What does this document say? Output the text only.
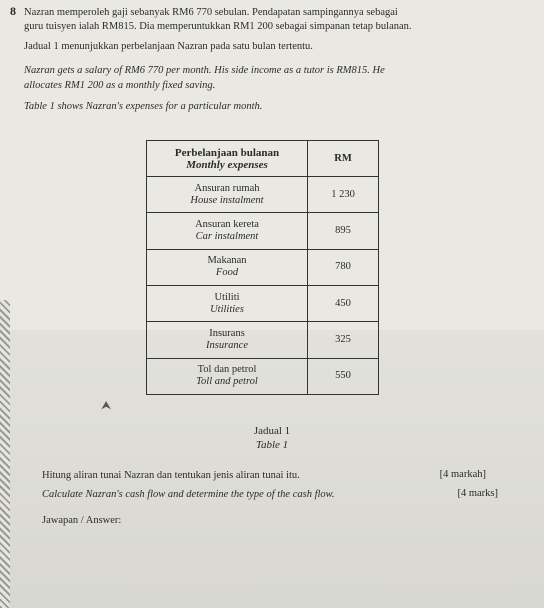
8 Nazran memperoleh gaji sebanyak RM6 770 sebulan. Pendapatan sampingannya sebagai
guru tuisyen ialah RM815. Dia memperuntukkan RM1 200 sebagai simpanan tetap bulanan.
Jadual 1 menunjukkan perbelanjaan Nazran pada satu bulan tertentu.
Nazran gets a salary of RM6 770 per month. His side income as a tutor is RM815. He
allocates RM1 200 as a monthly fixed saving.
Table 1 shows Nazran's expenses for a particular month.
Perbelanjaan bulanan
Monthly expenses	RM

Ansuran rumah
House instalment	1 230

Ansuran kereta
Car instalment	895

Makanan
Food	780

Utiliti
Utilities	450

Insurans
Insurance	325

Tol dan petrol
Toll and petrol	550
⮝
Jadual 1
Table 1
Hitung aliran tunai Nazran dan tentukan jenis aliran tunai itu.	[4 markah]
Calculate Nazran's cash flow and determine the type of the cash flow.	[4 marks]
Jawapan / Answer:
